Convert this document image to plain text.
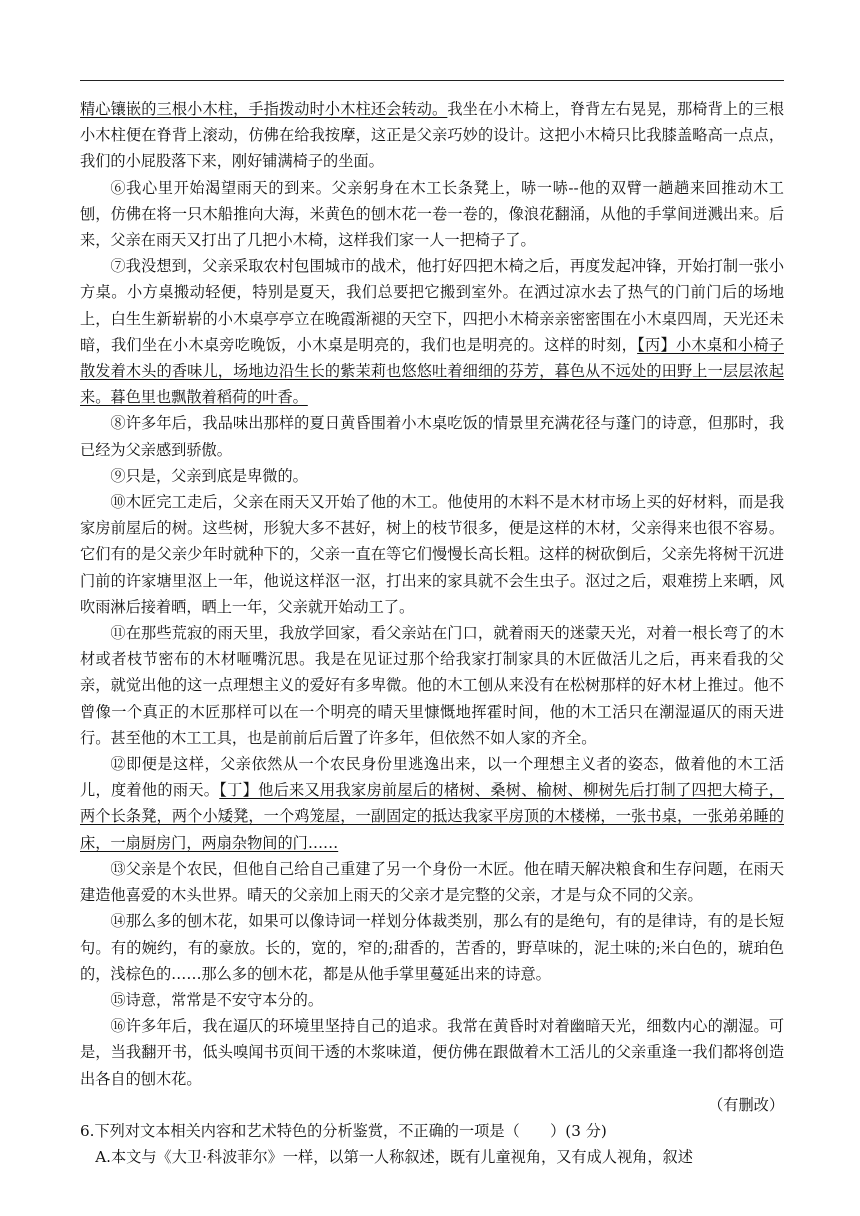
精心镶嵌的三根小木柱，手指拨动时小木柱还会转动。我坐在小木椅上，脊背左右晃晃，那椅背上的三根小木柱便在脊背上滚动，仿佛在给我按摩，这正是父亲巧妙的设计。这把小木椅只比我膝盖略高一点点，我们的小屁股落下来，刚好铺满椅子的坐面。

⑥我心里开始渴望雨天的到来。父亲躬身在木工长条凳上，哧一哧--他的双臂一趟趟来回推动木工刨，仿佛在将一只木船推向大海，米黄色的刨木花一卷一卷的，像浪花翻涌，从他的手掌间迸溅出来。后来，父亲在雨天又打出了几把小木椅，这样我们家一人一把椅子了。

⑦我没想到，父亲采取农村包围城市的战术，他打好四把木椅之后，再度发起冲锋，开始打制一张小方桌。小方桌搬动轻便，特别是夏天，我们总要把它搬到室外。在洒过凉水去了热气的门前门后的场地上，白生生新崭崭的小木桌亭亭立在晚霞渐褪的天空下，四把小木椅亲亲密密围在小木桌四周，天光还未暗，我们坐在小木桌旁吃晚饭，小木桌是明亮的，我们也是明亮的。这样的时刻，【丙】小木桌和小椅子散发着木头的香味儿，场地边沿生长的紫茉莉也悠悠吐着细细的芬芳，暮色从不远处的田野上一层层浓起来。暮色里也飘散着稻荷的叶香。

⑧许多年后，我品味出那样的夏日黄昏围着小木桌吃饭的情景里充满花径与蓬门的诗意，但那时，我已经为父亲感到骄傲。

⑨只是，父亲到底是卑微的。

⑩木匠完工走后，父亲在雨天又开始了他的木工。他使用的木料不是木材市场上买的好材料，而是我家房前屋后的树。这些树，形貌大多不甚好，树上的枝节很多，便是这样的木材，父亲得来也很不容易。它们有的是父亲少年时就种下的，父亲一直在等它们慢慢长高长粗。这样的树砍倒后，父亲先将树干沉进门前的许家塘里沤上一年，他说这样沤一沤，打出来的家具就不会生虫子。沤过之后，艰难捞上来晒，风吹雨淋后接着晒，晒上一年，父亲就开始动工了。

⑪在那些荒寂的雨天里，我放学回家，看父亲站在门口，就着雨天的迷蒙天光，对着一根长弯了的木材或者枝节密布的木材咂嘴沉思。我是在见证过那个给我家打制家具的木匠做活儿之后，再来看我的父亲，就觉出他的这一点理想主义的爱好有多卑微。他的木工刨从来没有在松树那样的好木材上推过。他不曾像一个真正的木匠那样可以在一个明亮的晴天里慷慨地挥霍时间，他的木工活只在潮湿逼仄的雨天进行。甚至他的木工工具，也是前前后后置了许多年，但依然不如人家的齐全。

⑫即便是这样，父亲依然从一个农民身份里逃逸出来，以一个理想主义者的姿态，做着他的木工活儿，度着他的雨天。【丁】他后来又用我家房前屋后的楮树、桑树、榆树、柳树先后打制了四把大椅子，两个长条凳，两个小矮凳，一个鸡笼屋，一副固定的抵达我家平房顶的木楼梯，一张书桌，一张弟弟睡的床，一扇厨房门，两扇杂物间的门……

⑬父亲是个农民，但他自己给自己重建了另一个身份一木匠。他在晴天解决粮食和生存问题，在雨天建造他喜爱的木头世界。晴天的父亲加上雨天的父亲才是完整的父亲，才是与众不同的父亲。

⑭那么多的刨木花，如果可以像诗词一样划分体裁类别，那么有的是绝句，有的是律诗，有的是长短句。有的婉约，有的豪放。长的，宽的，窄的;甜香的，苦香的，野草味的，泥土味的;米白色的，琥珀色的，浅棕色的……那么多的刨木花，都是从他手掌里蔓延出来的诗意。

⑮诗意，常常是不安守本分的。

⑯许多年后，我在逼仄的环境里坚持自己的追求。我常在黄昏时对着幽暗天光，细数内心的潮湿。可是，当我翻开书，低头嗅闻书页间干透的木浆味道，便仿佛在跟做着木工活儿的父亲重逢一我们都将创造出各自的刨木花。

（有删改）

6.下列对文本相关内容和艺术特色的分析鉴赏，不正确的一项是（　　）(3 分)

A.本文与《大卫·科波菲尔》一样，以第一人称叙述，既有儿童视角，又有成人视角，叙述
